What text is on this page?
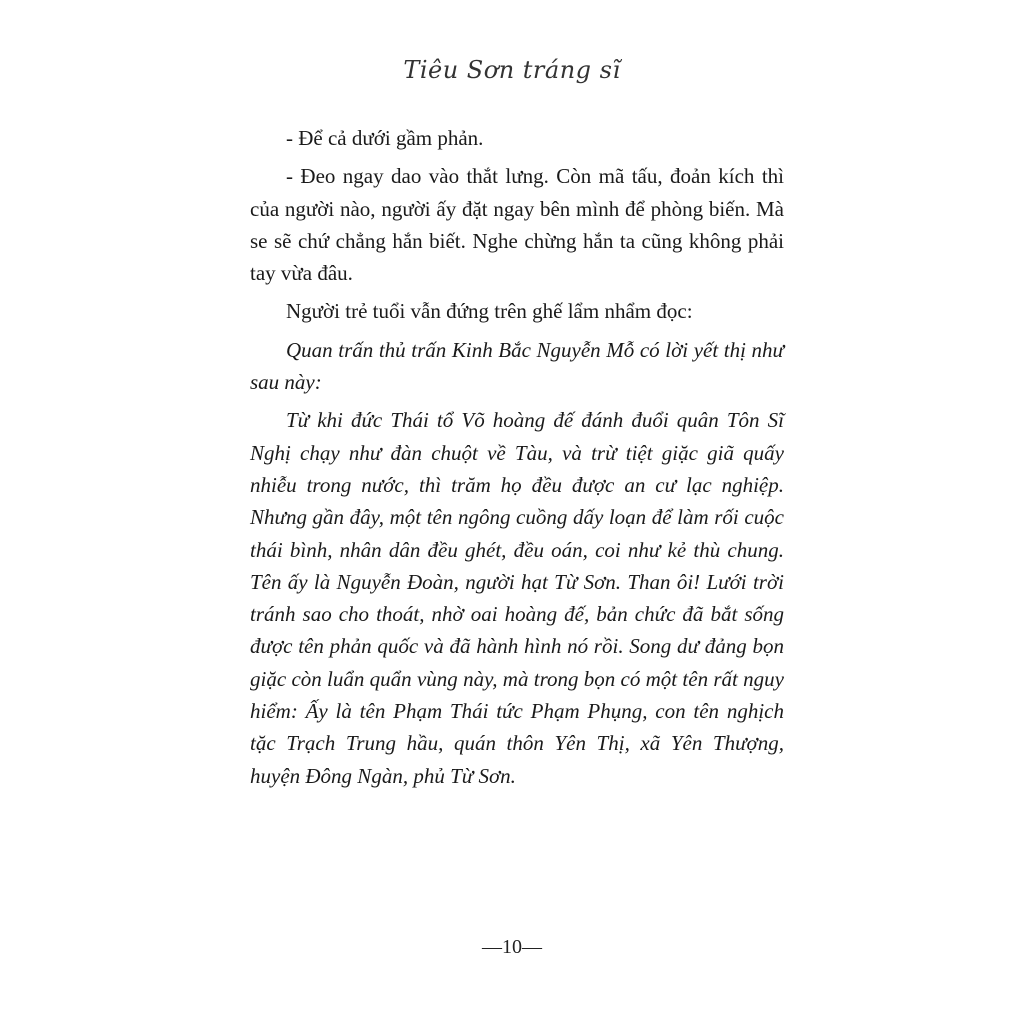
Tiêu Sơn tráng sĩ

- Để cả dưới gầm phản.

- Đeo ngay dao vào thắt lưng. Còn mã tấu, đoản kích thì của người nào, người ấy đặt ngay bên mình để phòng biến. Mà se sẽ chứ chẳng hắn biết. Nghe chừng hắn ta cũng không phải tay vừa đâu.

Người trẻ tuổi vẫn đứng trên ghế lẩm nhẩm đọc:

Quan trấn thủ trấn Kinh Bắc Nguyễn Mỗ có lời yết thị như sau này:

Từ khi đức Thái tổ Võ hoàng đế đánh đuổi quân Tôn Sĩ Nghị chạy như đàn chuột về Tàu, và trừ tiệt giặc giã quấy nhiễu trong nước, thì trăm họ đều được an cư lạc nghiệp. Nhưng gần đây, một tên ngông cuồng dấy loạn để làm rối cuộc thái bình, nhân dân đều ghét, đều oán, coi như kẻ thù chung. Tên ấy là Nguyễn Đoàn, người hạt Từ Sơn. Than ôi! Lưới trời tránh sao cho thoát, nhờ oai hoàng đế, bản chức đã bắt sống được tên phản quốc và đã hành hình nó rồi. Song dư đảng bọn giặc còn luẩn quẩn vùng này, mà trong bọn có một tên rất nguy hiểm: Ấy là tên Phạm Thái tức Phạm Phụng, con tên nghịch tặc Trạch Trung hầu, quán thôn Yên Thị, xã Yên Thượng, huyện Đông Ngàn, phủ Từ Sơn.

—10—
